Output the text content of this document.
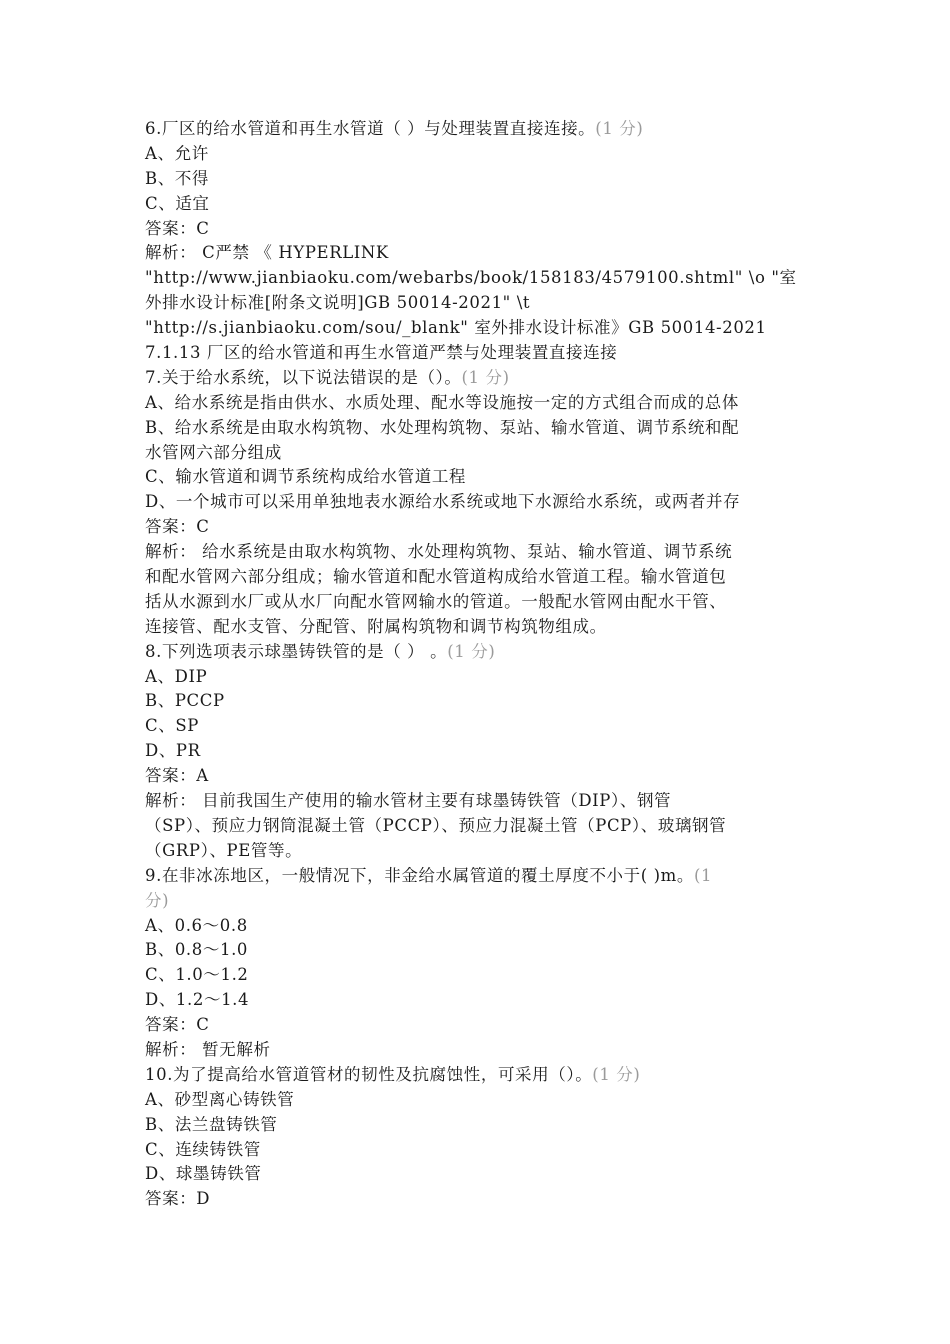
6.厂区的给水管道和再生水管道（ ）与处理装置直接连接。(1 分)
A、允许
B、不得
C、适宜
答案：C
解析： C严禁 《 HYPERLINK
"http://www.jianbiaoku.com/webarbs/book/158183/4579100.shtml" \o "室
外排水设计标准[附条文说明]GB 50014-2021" \t
"http://s.jianbiaoku.com/sou/_blank" 室外排水设计标准》GB 50014-2021
7.1.13 厂区的给水管道和再生水管道严禁与处理装置直接连接
7.关于给水系统，以下说法错误的是（）。(1 分)
A、给水系统是指由供水、水质处理、配水等设施按一定的方式组合而成的总体
B、给水系统是由取水构筑物、水处理构筑物、泵站、输水管道、调节系统和配
水管网六部分组成
C、输水管道和调节系统构成给水管道工程
D、一个城市可以采用单独地表水源给水系统或地下水源给水系统，或两者并存
答案：C
解析： 给水系统是由取水构筑物、水处理构筑物、泵站、输水管道、调节系统
和配水管网六部分组成；输水管道和配水管道构成给水管道工程。输水管道包
括从水源到水厂或从水厂向配水管网输水的管道。一般配水管网由配水干管、
连接管、配水支管、分配管、附属构筑物和调节构筑物组成。
8.下列选项表示球墨铸铁管的是（ ） 。(1 分)
A、DIP
B、PCCP
C、SP
D、PR
答案：A
解析： 目前我国生产使用的输水管材主要有球墨铸铁管（DIP）、钢管
（SP）、预应力钢筒混凝土管（PCCP）、预应力混凝土管（PCP）、玻璃钢管
（GRP）、PE管等。
9.在非冰冻地区，一般情况下，非金给水属管道的覆土厚度不小于( )m。(1
分)
A、0.6～0.8
B、0.8～1.0
C、1.0～1.2
D、1.2～1.4
答案：C
解析： 暂无解析
10.为了提高给水管道管材的韧性及抗腐蚀性，可采用（）。(1 分)
A、砂型离心铸铁管
B、法兰盘铸铁管
C、连续铸铁管
D、球墨铸铁管
答案：D
